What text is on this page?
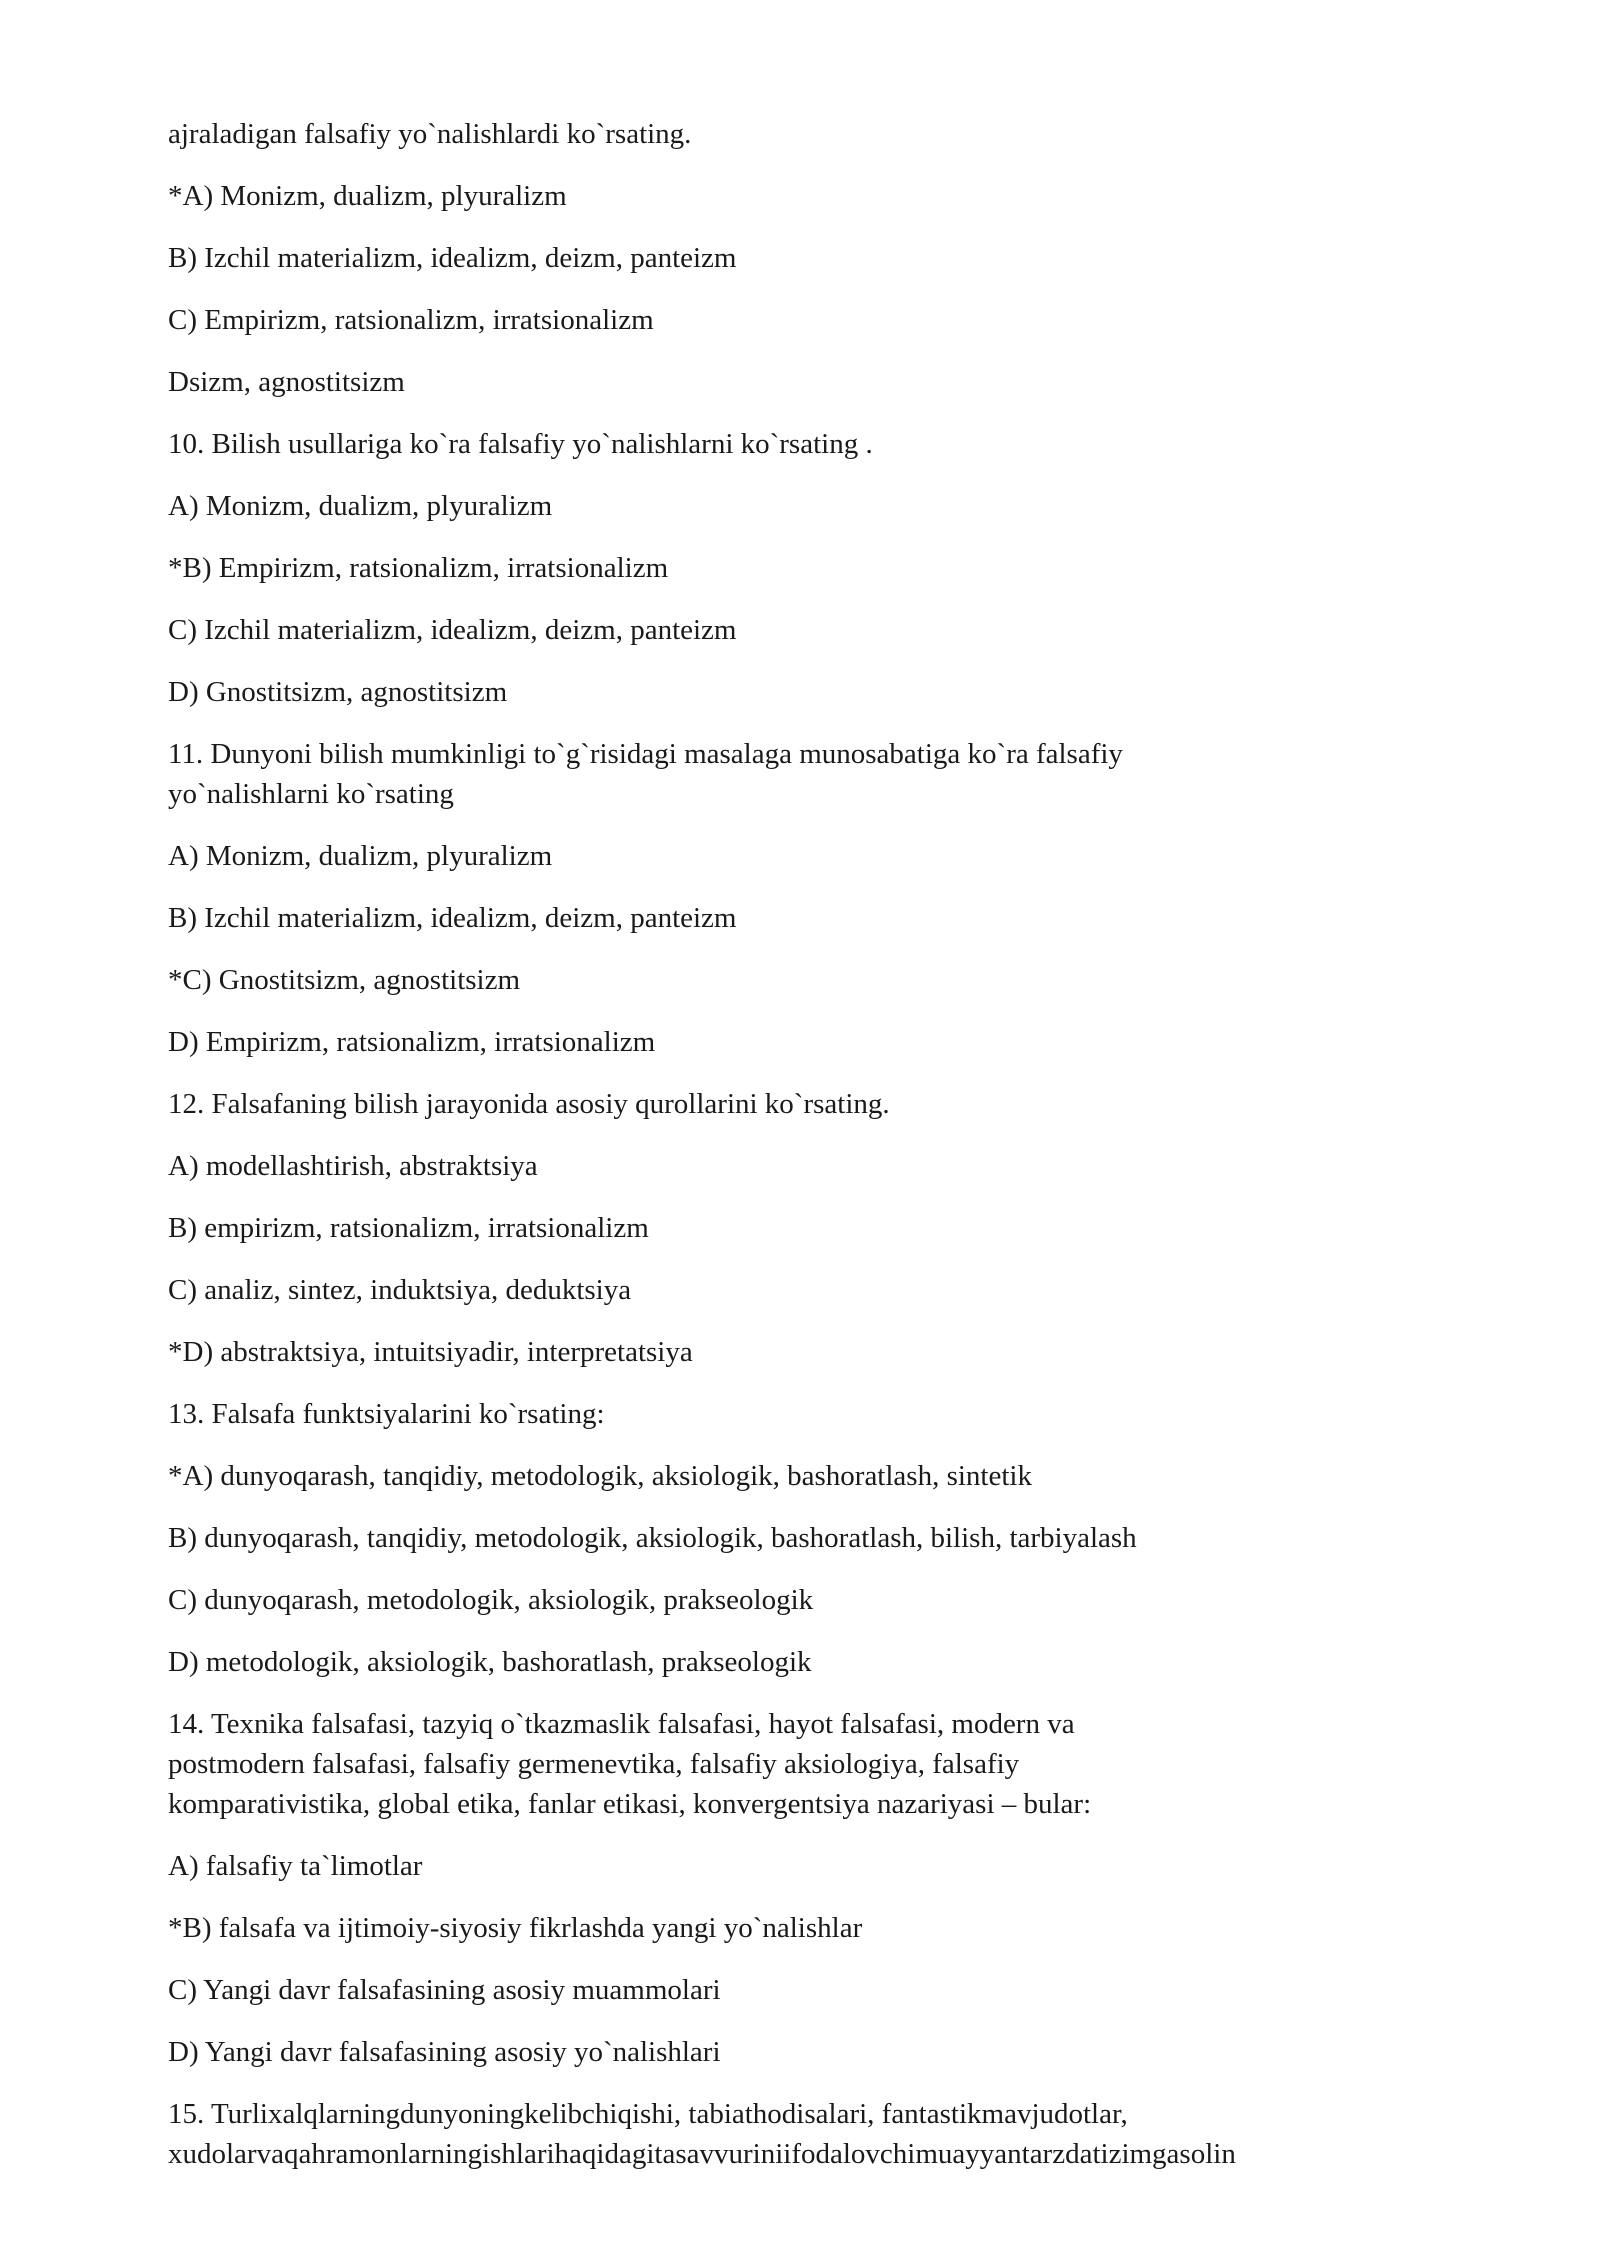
ajraladigan falsafiy yo`nalishlardi ko`rsating.

*A) Monizm, dualizm, plyuralizm

B) Izchil materializm, idealizm, deizm, panteizm

C) Empirizm, ratsionalizm, irratsionalizm

Dsizm, agnostitsizm

10. Bilish usullariga ko`ra falsafiy yo`nalishlarni ko`rsating .

A) Monizm, dualizm, plyuralizm

*B) Empirizm, ratsionalizm, irratsionalizm

C) Izchil materializm, idealizm, deizm, panteizm

D) Gnostitsizm, agnostitsizm

11. Dunyoni bilish mumkinligi to`g`risidagi masalaga munosabatiga ko`ra falsafiy
yo`nalishlarni ko`rsating

A) Monizm, dualizm, plyuralizm

B) Izchil materializm, idealizm, deizm, panteizm

*C) Gnostitsizm, agnostitsizm

D) Empirizm, ratsionalizm, irratsionalizm

12. Falsafaning bilish jarayonida asosiy qurollarini ko`rsating.

A) modellashtirish, abstraktsiya

B) empirizm, ratsionalizm, irratsionalizm

C) analiz, sintez, induktsiya, deduktsiya

*D) abstraktsiya, intuitsiyadir, interpretatsiya

13. Falsafa funktsiyalarini ko`rsating:

*A) dunyoqarash, tanqidiy, metodologik, aksiologik, bashoratlash, sintetik

B) dunyoqarash, tanqidiy, metodologik, aksiologik, bashoratlash, bilish, tarbiyalash

C) dunyoqarash, metodologik, aksiologik, prakseologik

D) metodologik, aksiologik, bashoratlash, prakseologik

14. Texnika falsafasi, tazyiq o`tkazmaslik falsafasi, hayot falsafasi, modern va
postmodern falsafasi, falsafiy germenevtika, falsafiy aksiologiya, falsafiy
komparativistika, global etika, fanlar etikasi, konvergentsiya nazariyasi – bular:

A) falsafiy ta`limotlar

*B) falsafa va ijtimoiy-siyosiy fikrlashda yangi yo`nalishlar

C) Yangi davr falsafasining asosiy muammolari

D) Yangi davr falsafasining asosiy yo`nalishlari

15. Turlixalqlarningdunyoningkelibchiqishi, tabiathodisalari, fantastikmavjudotlar,
xudolarvaqahramonlarningishlarihaqidagitasavvuriniifodalovchimuayyantarzdatizimgasolin
